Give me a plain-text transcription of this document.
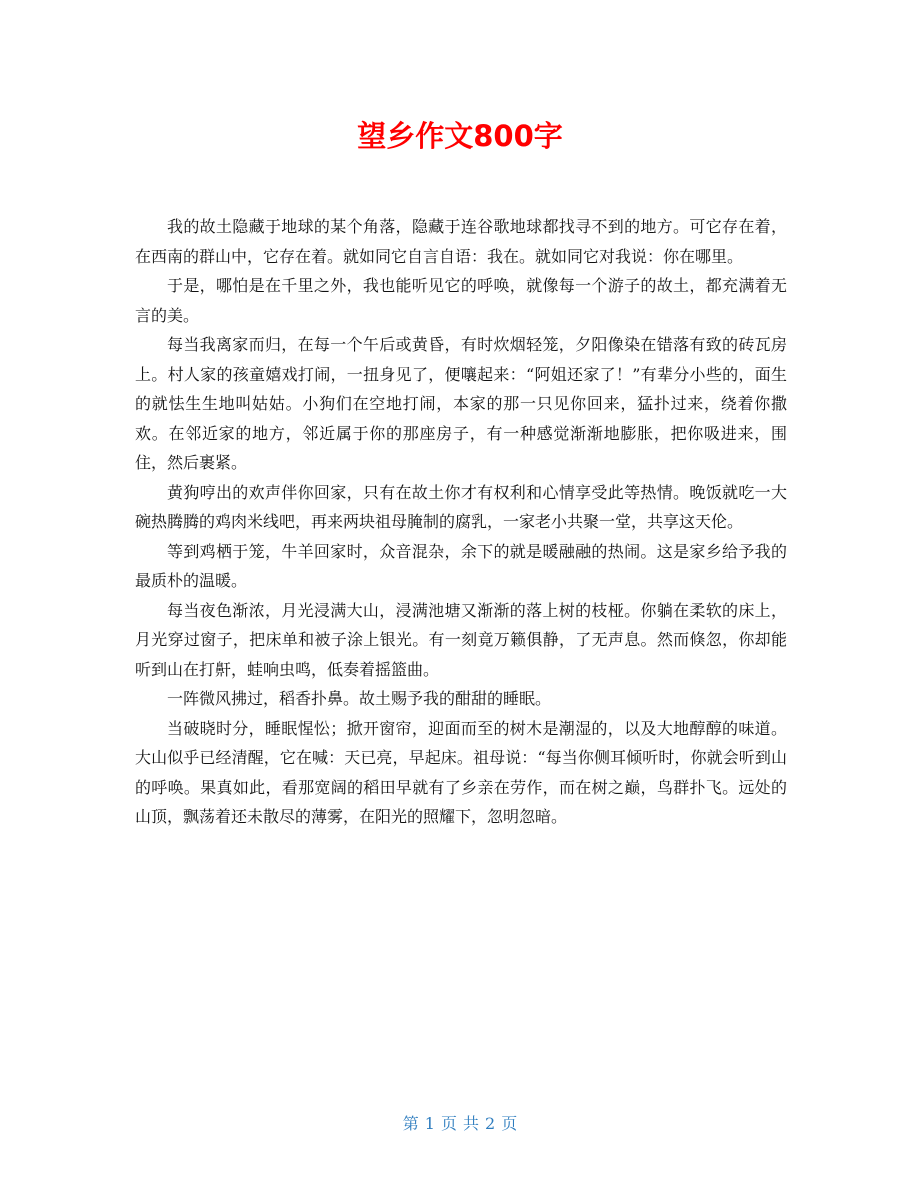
望乡作文800字

我的故土隐藏于地球的某个角落，隐藏于连谷歌地球都找寻不到的地方。可它存在着，在西南的群山中，它存在着。就如同它自言自语：我在。就如同它对我说：你在哪里。

于是，哪怕是在千里之外，我也能听见它的呼唤，就像每一个游子的故土，都充满着无言的美。

每当我离家而归，在每一个午后或黄昏，有时炊烟轻笼，夕阳像染在错落有致的砖瓦房上。村人家的孩童嬉戏打闹，一扭身见了，便嚷起来：“阿姐还家了！”有辈分小些的，面生的就怯生生地叫姑姑。小狗们在空地打闹，本家的那一只见你回来，猛扑过来，绕着你撒欢。在邻近家的地方，邻近属于你的那座房子，有一种感觉渐渐地膨胀，把你吸进来，围住，然后裹紧。

黄狗哼出的欢声伴你回家，只有在故土你才有权利和心情享受此等热情。晚饭就吃一大碗热腾腾的鸡肉米线吧，再来两块祖母腌制的腐乳，一家老小共聚一堂，共享这天伦。

等到鸡栖于笼，牛羊回家时，众音混杂，余下的就是暖融融的热闹。这是家乡给予我的最质朴的温暖。

每当夜色渐浓，月光浸满大山，浸满池塘又渐渐的落上树的枝桠。你躺在柔软的床上，月光穿过窗子，把床单和被子涂上银光。有一刻竟万籁俱静，了无声息。然而倏忽，你却能听到山在打鼾，蛙响虫鸣，低奏着摇篮曲。

一阵微风拂过，稻香扑鼻。故土赐予我的酣甜的睡眠。

当破晓时分，睡眠惺忪；掀开窗帘，迎面而至的树木是潮湿的，以及大地醇醇的味道。大山似乎已经清醒，它在喊：天已亮，早起床。祖母说：“每当你侧耳倾听时，你就会听到山的呼唤。果真如此，看那宽阔的稻田早就有了乡亲在劳作，而在树之巅，鸟群扑飞。远处的山顶，飘荡着还未散尽的薄雾，在阳光的照耀下，忽明忽暗。

第 1 页 共 2 页
